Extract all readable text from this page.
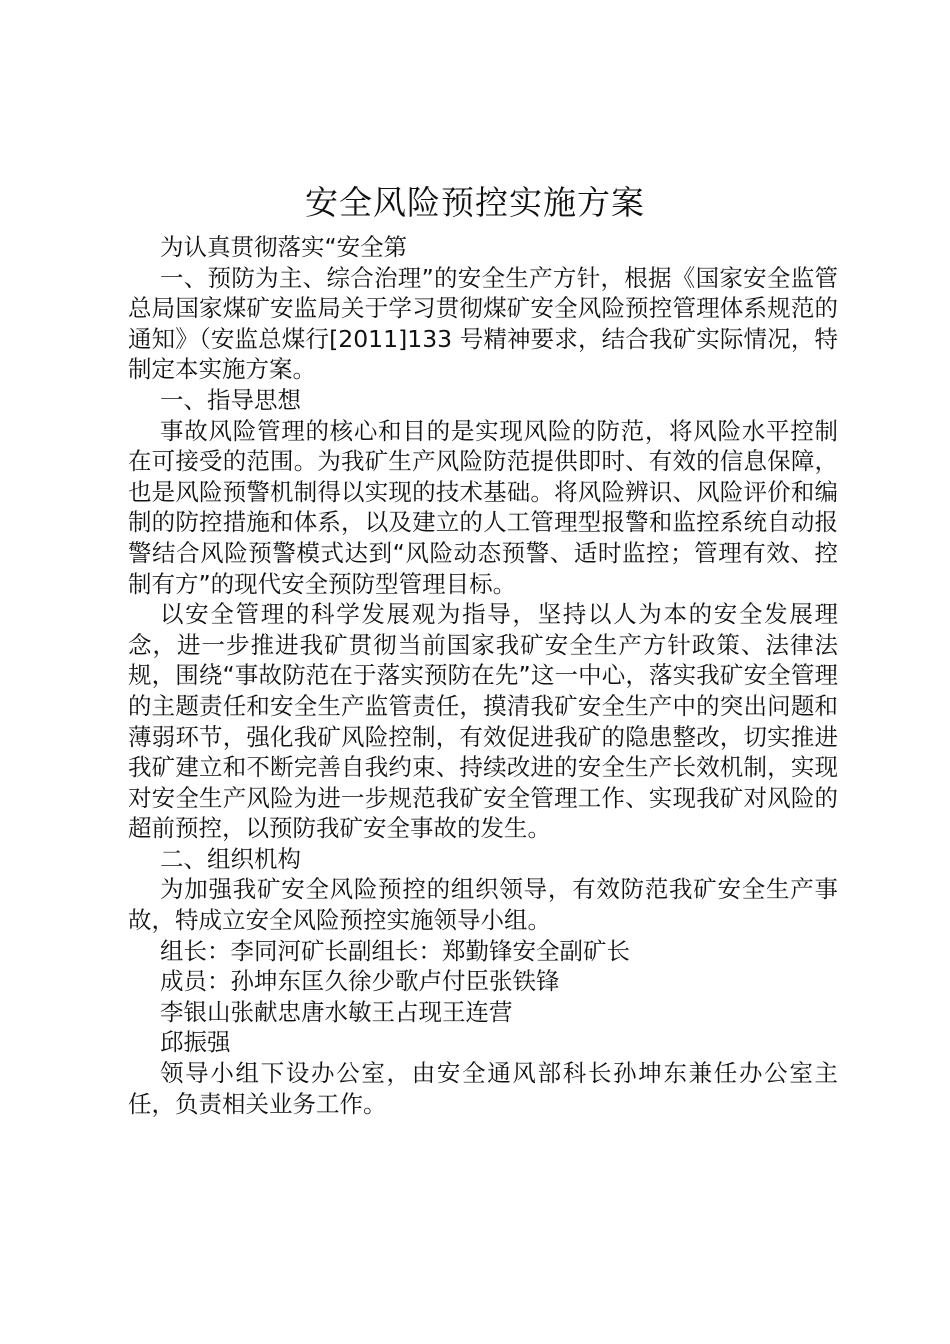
安全风险预控实施方案

为认真贯彻落实“安全第

一、预防为主、综合治理”的安全生产方针，根据《国家安全监管总局国家煤矿安监局关于学习贯彻煤矿安全风险预控管理体系规范的通知》（安监总煤行[2011]133 号精神要求，结合我矿实际情况，特制定本实施方案。

一、指导思想

事故风险管理的核心和目的是实现风险的防范，将风险水平控制在可接受的范围。为我矿生产风险防范提供即时、有效的信息保障，也是风险预警机制得以实现的技术基础。将风险辨识、风险评价和编制的防控措施和体系，以及建立的人工管理型报警和监控系统自动报警结合风险预警模式达到“风险动态预警、适时监控；管理有效、控制有方”的现代安全预防型管理目标。

以安全管理的科学发展观为指导，坚持以人为本的安全发展理念，进一步推进我矿贯彻当前国家我矿安全生产方针政策、法律法规，围绕“事故防范在于落实预防在先”这一中心，落实我矿安全管理的主题责任和安全生产监管责任，摸清我矿安全生产中的突出问题和薄弱环节，强化我矿风险控制，有效促进我矿的隐患整改，切实推进我矿建立和不断完善自我约束、持续改进的安全生产长效机制，实现对安全生产风险为进一步规范我矿安全管理工作、实现我矿对风险的超前预控，以预防我矿安全事故的发生。

二、组织机构

为加强我矿安全风险预控的组织领导，有效防范我矿安全生产事故，特成立安全风险预控实施领导小组。

组长：李同河矿长副组长：郑勤锋安全副矿长

成员：孙坤东匡久徐少歌卢付臣张铁锋

李银山张献忠唐水敏王占现王连营

邱振强

领导小组下设办公室，由安全通风部科长孙坤东兼任办公室主任，负责相关业务工作。
